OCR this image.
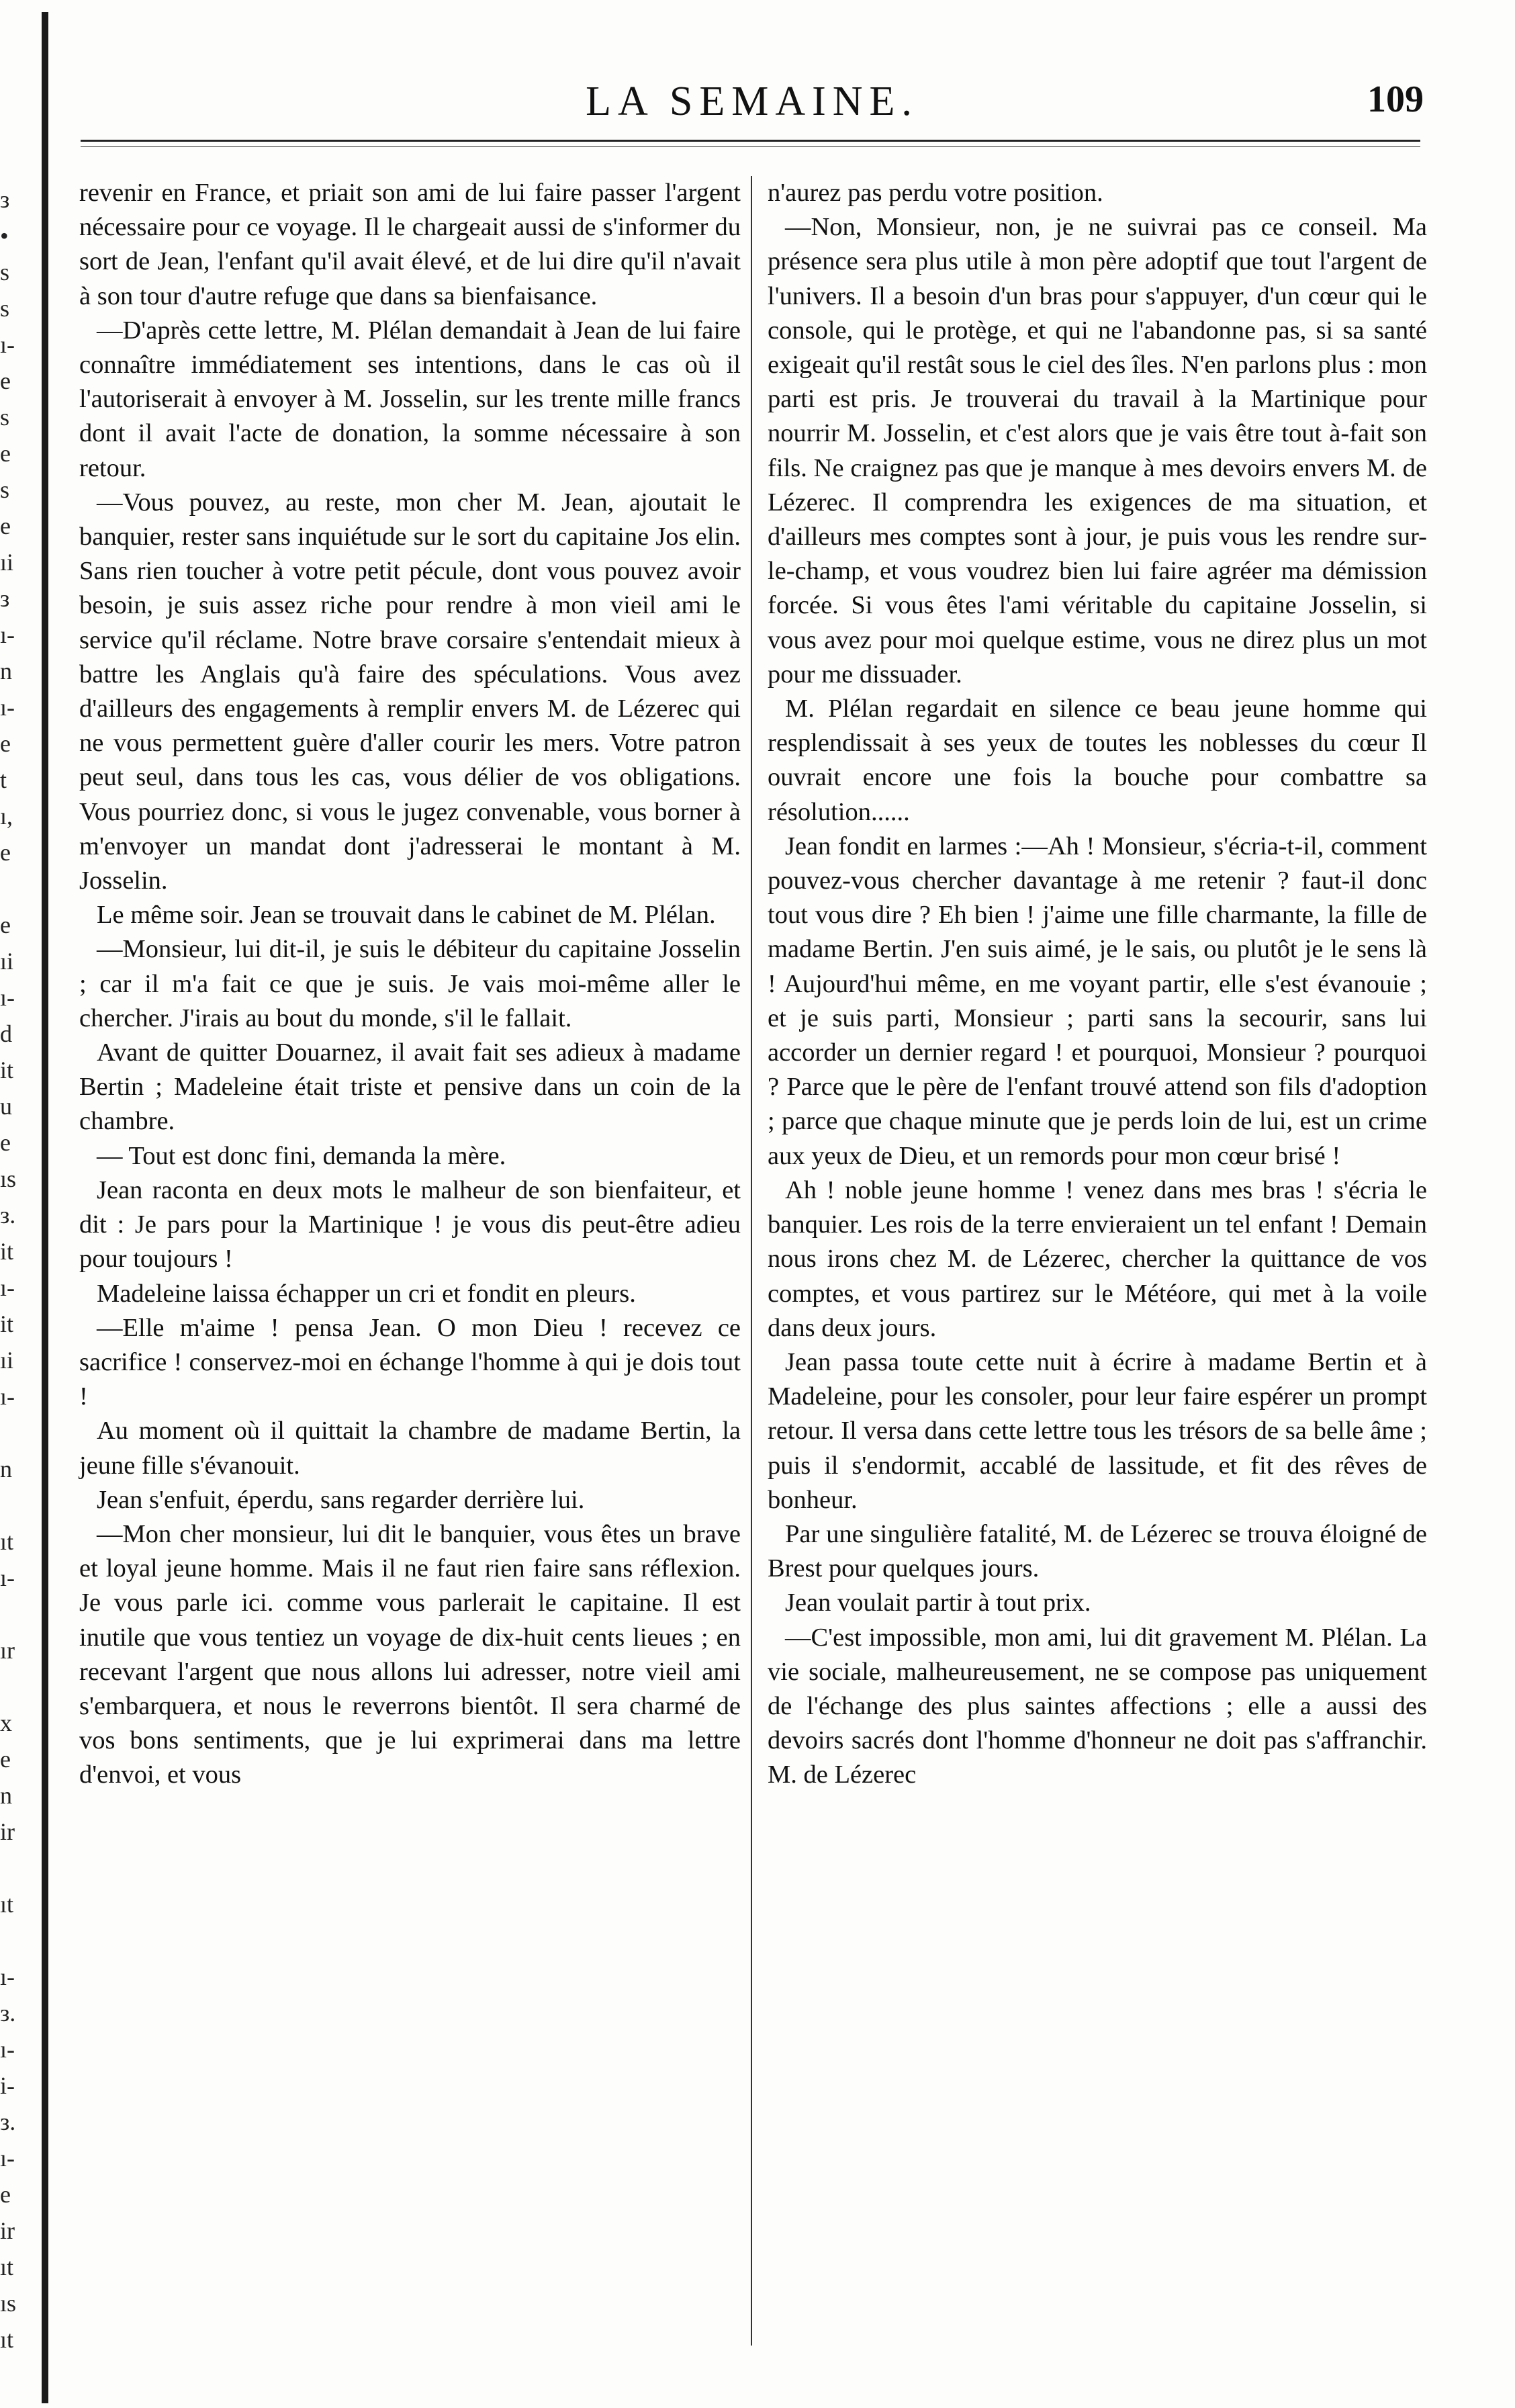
з
•
s
s
ı-
e
s
e
s
e
ıi
з
ı-
n
ı-
e
t
ı,
e
e
ıi
ı-
d
it
u
e
ıs
з.
it
ı-
it
ıi
ı-
n
ıt
ı-
ır
x
e
n
ir
ıt
ı-
з.
ı-
i-
з.
ı-
e
ir
ıt
ıs
ıt
LA SEMAINE.	109

revenir en France, et priait son ami de lui faire passer l'argent nécessaire pour ce voyage. Il le chargeait aussi de s'informer du sort de Jean, l'enfant qu'il avait élevé, et de lui dire qu'il n'avait à son tour d'autre refuge que dans sa bienfaisance.

—D'après cette lettre, M. Plélan demandait à Jean de lui faire connaître immédiatement ses intentions, dans le cas où il l'autoriserait à envoyer à M. Josselin, sur les trente mille francs dont il avait l'acte de donation, la somme nécessaire à son retour.

—Vous pouvez, au reste, mon cher M. Jean, ajoutait le banquier, rester sans inquiétude sur le sort du capitaine Jos elin. Sans rien toucher à votre petit pécule, dont vous pouvez avoir besoin, je suis assez riche pour rendre à mon vieil ami le service qu'il réclame. Notre brave corsaire s'entendait mieux à battre les Anglais qu'à faire des spéculations. Vous avez d'ailleurs des engagements à remplir envers M. de Lézerec qui ne vous permettent guère d'aller courir les mers. Votre patron peut seul, dans tous les cas, vous délier de vos obligations. Vous pourriez donc, si vous le jugez convenable, vous borner à m'envoyer un mandat dont j'adresserai le montant à M. Josselin.

Le même soir. Jean se trouvait dans le cabinet de M. Plélan.

—Monsieur, lui dit-il, je suis le débiteur du capitaine Josselin ; car il m'a fait ce que je suis. Je vais moi-même aller le chercher. J'irais au bout du monde, s'il le fallait.

Avant de quitter Douarnez, il avait fait ses adieux à madame Bertin ; Madeleine était triste et pensive dans un coin de la chambre.

— Tout est donc fini, demanda la mère.

Jean raconta en deux mots le malheur de son bienfaiteur, et dit : Je pars pour la Martinique ! je vous dis peut-être adieu pour toujours !

Madeleine laissa échapper un cri et fondit en pleurs.

—Elle m'aime ! pensa Jean. O mon Dieu ! recevez ce sacrifice ! conservez-moi en échange l'homme à qui je dois tout !

Au moment où il quittait la chambre de madame Bertin, la jeune fille s'évanouit.

Jean s'enfuit, éperdu, sans regarder derrière lui.

—Mon cher monsieur, lui dit le banquier, vous êtes un brave et loyal jeune homme. Mais il ne faut rien faire sans réflexion. Je vous parle ici. comme vous parlerait le capitaine. Il est inutile que vous tentiez un voyage de dix-huit cents lieues ; en recevant l'argent que nous allons lui adresser, notre vieil ami s'embarquera, et nous le reverrons bientôt. Il sera charmé de vos bons sentiments, que je lui exprimerai dans ma lettre d'envoi, et vous

n'aurez pas perdu votre position.

—Non, Monsieur, non, je ne suivrai pas ce conseil. Ma présence sera plus utile à mon père adoptif que tout l'argent de l'univers. Il a besoin d'un bras pour s'appuyer, d'un cœur qui le console, qui le protège, et qui ne l'abandonne pas, si sa santé exigeait qu'il restât sous le ciel des îles. N'en parlons plus : mon parti est pris. Je trouverai du travail à la Martinique pour nourrir M. Josselin, et c'est alors que je vais être tout à-fait son fils. Ne craignez pas que je manque à mes devoirs envers M. de Lézerec. Il comprendra les exigences de ma situation, et d'ailleurs mes comptes sont à jour, je puis vous les rendre sur-le-champ, et vous voudrez bien lui faire agréer ma démission forcée. Si vous êtes l'ami véritable du capitaine Josselin, si vous avez pour moi quelque estime, vous ne direz plus un mot pour me dissuader.

M. Plélan regardait en silence ce beau jeune homme qui resplendissait à ses yeux de toutes les noblesses du cœur Il ouvrait encore une fois la bouche pour combattre sa résolution......

Jean fondit en larmes :—Ah ! Monsieur, s'écria-t-il, comment pouvez-vous chercher davantage à me retenir ? faut-il donc tout vous dire ? Eh bien ! j'aime une fille charmante, la fille de madame Bertin. J'en suis aimé, je le sais, ou plutôt je le sens là ! Aujourd'hui même, en me voyant partir, elle s'est évanouie ; et je suis parti, Monsieur ; parti sans la secourir, sans lui accorder un dernier regard ! et pourquoi, Monsieur ? pourquoi ? Parce que le père de l'enfant trouvé attend son fils d'adoption ; parce que chaque minute que je perds loin de lui, est un crime aux yeux de Dieu, et un remords pour mon cœur brisé !

Ah ! noble jeune homme ! venez dans mes bras ! s'écria le banquier. Les rois de la terre envieraient un tel enfant ! Demain nous irons chez M. de Lézerec, chercher la quittance de vos comptes, et vous partirez sur le Météore, qui met à la voile dans deux jours.

Jean passa toute cette nuit à écrire à madame Bertin et à Madeleine, pour les consoler, pour leur faire espérer un prompt retour. Il versa dans cette lettre tous les trésors de sa belle âme ; puis il s'endormit, accablé de lassitude, et fit des rêves de bonheur.

Par une singulière fatalité, M. de Lézerec se trouva éloigné de Brest pour quelques jours.

Jean voulait partir à tout prix.

—C'est impossible, mon ami, lui dit gravement M. Plélan. La vie sociale, malheureusement, ne se compose pas uniquement de l'échange des plus saintes affections ; elle a aussi des devoirs sacrés dont l'homme d'honneur ne doit pas s'affranchir. M. de Lézerec
